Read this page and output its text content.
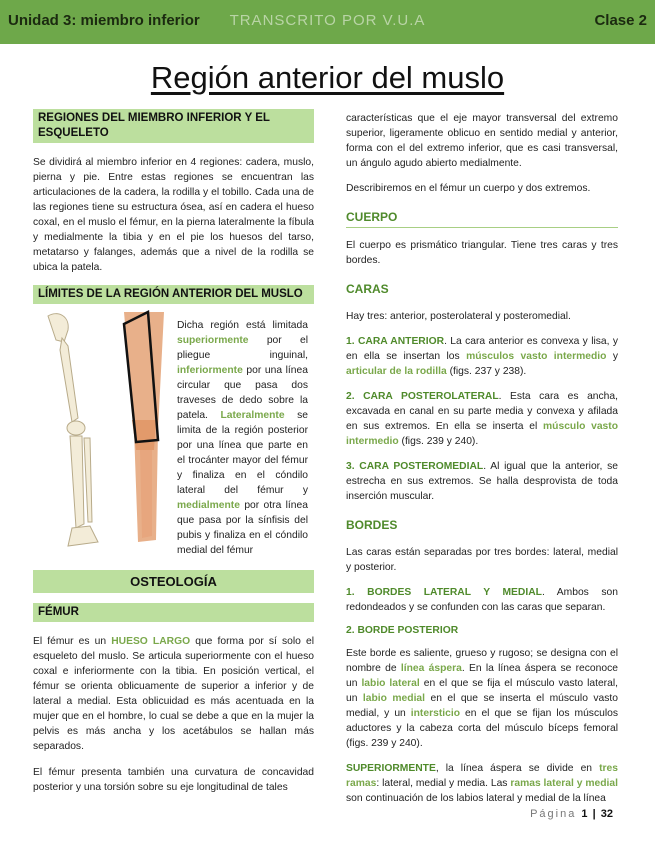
Unidad 3: miembro inferior	TRANSCRITO POR V.U.A	Clase 2
Región anterior del muslo
REGIONES DEL MIEMBRO INFERIOR Y EL ESQUELETO

Se dividirá al miembro inferior en 4 regiones: cadera, muslo, pierna y pie. Entre estas regiones se encuentran las articulaciones de la cadera, la rodilla y el tobillo. Cada una de las regiones tiene su estructura ósea, así en cadera el hueso coxal, en el muslo el fémur, en la pierna lateralmente la fíbula y medialmente la tibia y en el pie los huesos del tarso, metatarso y falanges, además que a nivel de la rodilla se ubica la patela.

LÍMITES DE LA REGIÓN ANTERIOR DEL MUSLO

Dicha región está limitada superiormente por el pliegue inguinal, inferiormente por una línea circular que pasa dos traveses de dedo sobre la patela. Lateralmente se limita de la región posterior por una línea que parte en el trocánter mayor del fémur y finaliza en el cóndilo lateral del fémur y medialmente por otra línea que pasa por la sínfisis del pubis y finaliza en el cóndilo medial del fémur

OSTEOLOGÍA
FÉMUR

El fémur es un HUESO LARGO que forma por sí solo el esqueleto del muslo. Se articula superiormente con el hueso coxal e inferiormente con la tibia. En posición vertical, el fémur se orienta oblicuamente de superior a inferior y de lateral a medial. Esta oblicuidad es más acentuada en la mujer que en el hombre, lo cual se debe a que en la mujer la pelvis es más ancha y los acetábulos se hallan más separados.

El fémur presenta también una curvatura de concavidad posterior y una torsión sobre su eje longitudinal de tales

características que el eje mayor transversal del extremo superior, ligeramente oblicuo en sentido medial y anterior, forma con el del extremo inferior, que es casi transversal, un ángulo agudo abierto medialmente.

Describiremos en el fémur un cuerpo y dos extremos.

CUERPO

El cuerpo es prismático triangular. Tiene tres caras y tres bordes.

CARAS

Hay tres: anterior, posterolateral y posteromedial.

1. CARA ANTERIOR. La cara anterior es convexa y lisa, y en ella se insertan los músculos vasto intermedio y articular de la rodilla (figs. 237 y 238).

2. CARA POSTEROLATERAL. Esta cara es ancha, excavada en canal en su parte media y convexa y afilada en sus extremos. En ella se inserta el músculo vasto intermedio (figs. 239 y 240).

3. CARA POSTEROMEDIAL. Al igual que la anterior, se estrecha en sus extremos. Se halla desprovista de toda inserción muscular.

BORDES

Las caras están separadas por tres bordes: lateral, medial y posterior.

1. BORDES LATERAL Y MEDIAL. Ambos son redondeados y se confunden con las caras que separan.

2. BORDE POSTERIOR

Este borde es saliente, grueso y rugoso; se designa con el nombre de línea áspera. En la línea áspera se reconoce un labio lateral en el que se fija el músculo vasto lateral, un labio medial en el que se inserta el músculo vasto medial, y un intersticio en el que se fijan los músculos aductores y la cabeza corta del músculo bíceps femoral (figs. 239 y 240).

SUPERIORMENTE, la línea áspera se divide en tres ramas: lateral, medial y media. Las ramas lateral y medial son continuación de los labios lateral y medial de la línea

Página 1 | 32
